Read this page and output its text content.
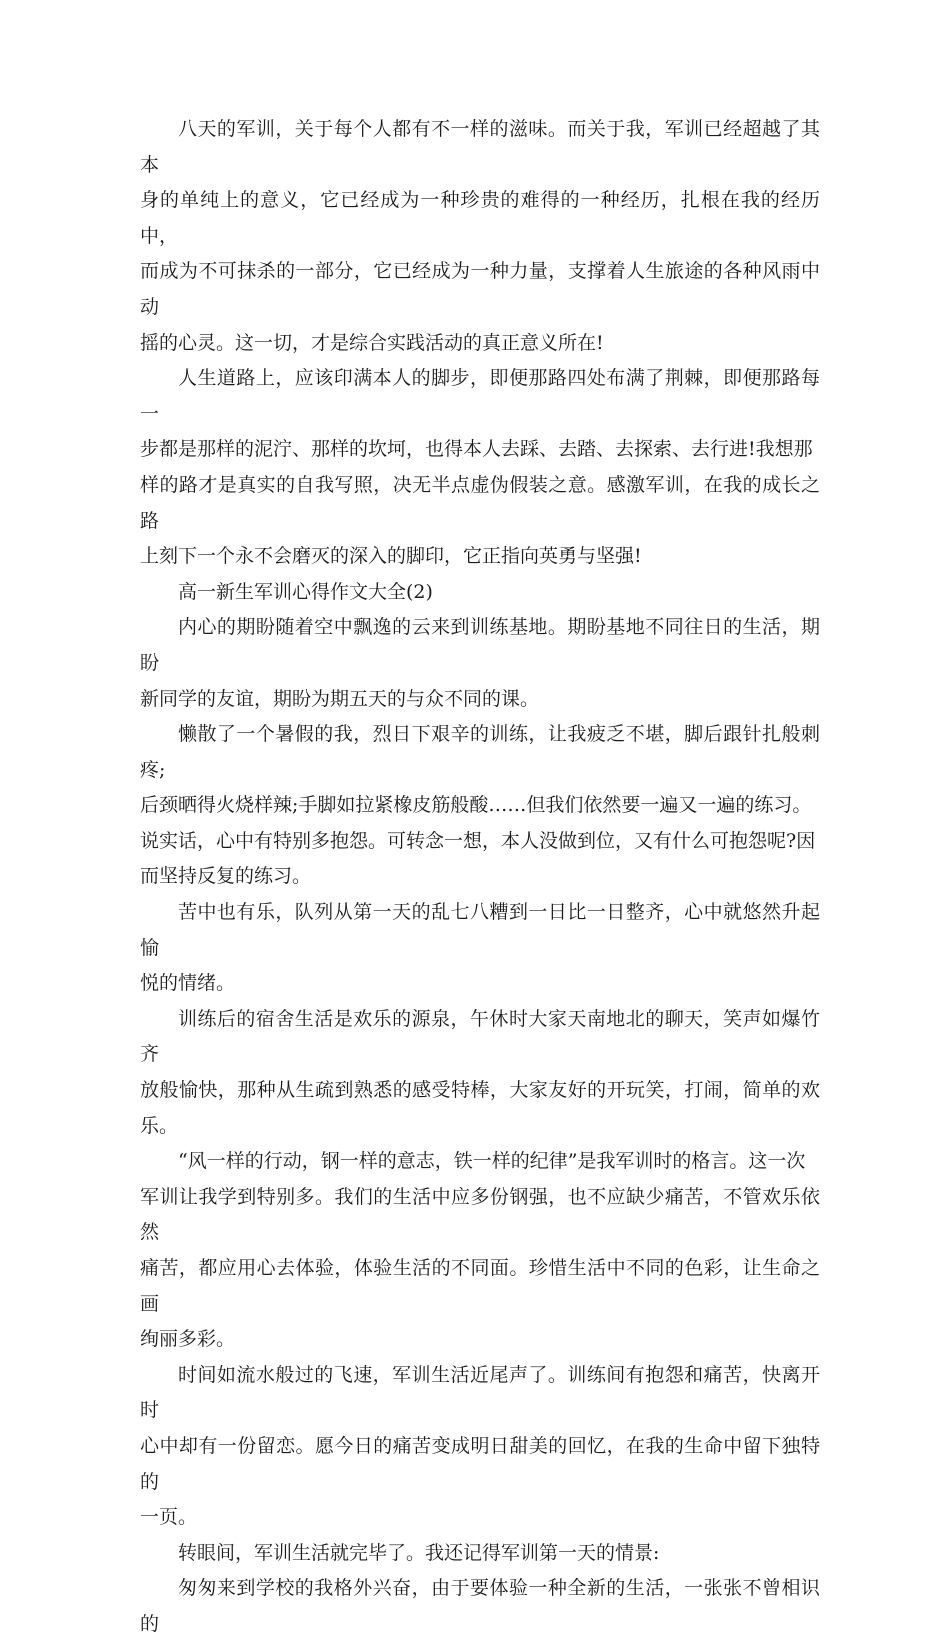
八天的军训，关于每个人都有不一样的滋味。而关于我，军训已经超越了其本
身的单纯上的意义，它已经成为一种珍贵的难得的一种经历，扎根在我的经历中，
而成为不可抹杀的一部分，它已经成为一种力量，支撑着人生旅途的各种风雨中动
摇的心灵。这一切，才是综合实践活动的真正意义所在!

人生道路上，应该印满本人的脚步，即便那路四处布满了荆棘，即便那路每一
步都是那样的泥泞、那样的坎坷，也得本人去踩、去踏、去探索、去行进!我想那
样的路才是真实的自我写照，决无半点虚伪假装之意。感激军训，在我的成长之路
上刻下一个永不会磨灭的深入的脚印，它正指向英勇与坚强!

高一新生军训心得作文大全(2)

内心的期盼随着空中飘逸的云来到训练基地。期盼基地不同往日的生活，期盼
新同学的友谊，期盼为期五天的与众不同的课。

懒散了一个暑假的我，烈日下艰辛的训练，让我疲乏不堪，脚后跟针扎般刺疼;
后颈晒得火烧样辣;手脚如拉紧橡皮筋般酸……但我们依然要一遍又一遍的练习。
说实话，心中有特别多抱怨。可转念一想，本人没做到位，又有什么可抱怨呢?因
而坚持反复的练习。

苦中也有乐，队列从第一天的乱七八糟到一日比一日整齐，心中就悠然升起愉
悦的情绪。

训练后的宿舍生活是欢乐的源泉，午休时大家天南地北的聊天，笑声如爆竹齐
放般愉快，那种从生疏到熟悉的感受特棒，大家友好的开玩笑，打闹，简单的欢乐。

“风一样的行动，钢一样的意志，铁一样的纪律”是我军训时的格言。这一次
军训让我学到特别多。我们的生活中应多份钢强，也不应缺少痛苦，不管欢乐依然
痛苦，都应用心去体验，体验生活的不同面。珍惜生活中不同的色彩，让生命之画
绚丽多彩。

时间如流水般过的飞速，军训生活近尾声了。训练间有抱怨和痛苦，快离开时
心中却有一份留恋。愿今日的痛苦变成明日甜美的回忆，在我的生命中留下独特的
一页。

转眼间，军训生活就完毕了。我还记得军训第一天的情景:

匆匆来到学校的我格外兴奋，由于要体验一种全新的生活，一张张不曾相识的
